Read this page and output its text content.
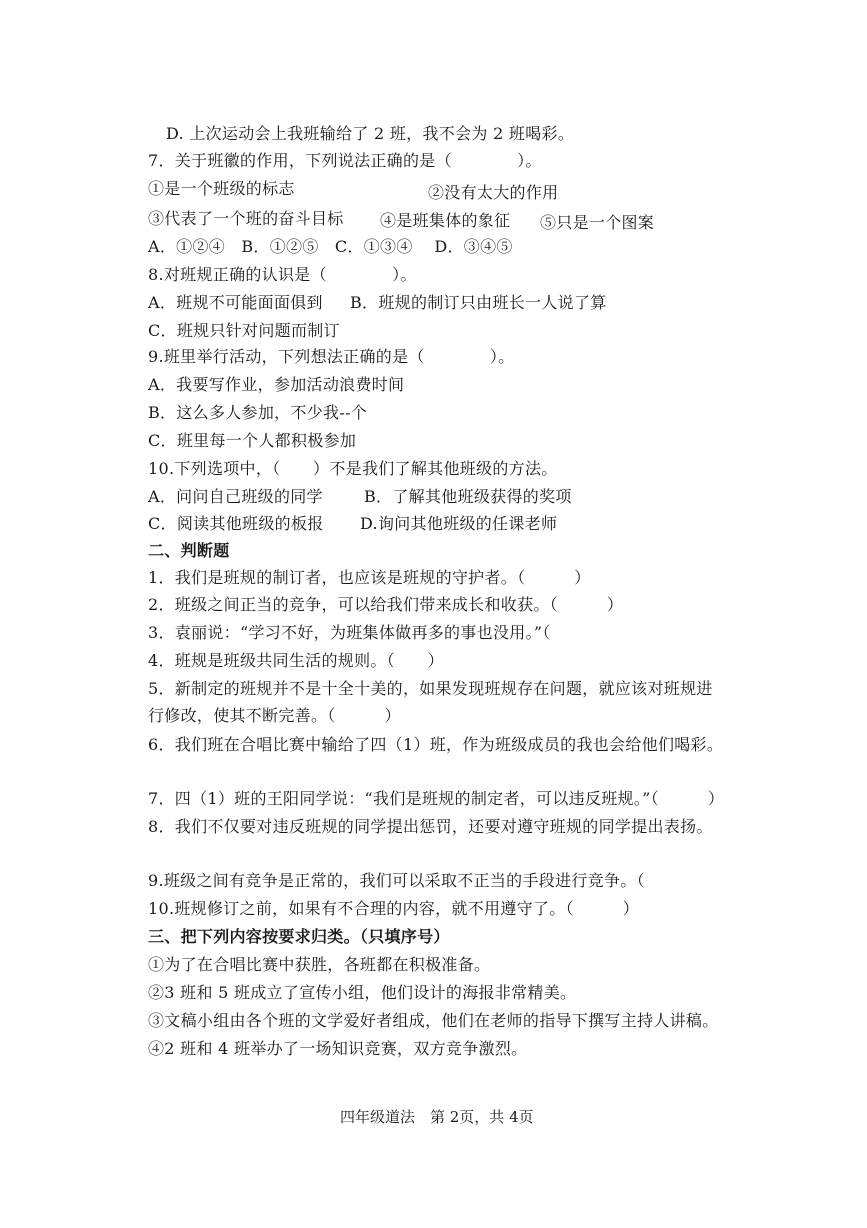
D. 上次运动会上我班输给了 2 班，我不会为 2 班喝彩。
7．关于班徽的作用，下列说法正确的是（　　　　）。
①是一个班级的标志	②没有太大的作用
③代表了一个班的奋斗目标 ④是班集体的象征 ⑤只是一个图案
A．①②④　B．①②⑤　C．①③④　 D．③④⑤
8.对班规正确的认识是（　　　　）。
A．班规不可能面面俱到 B．班规的制订只由班长一人说了算
C．班规只针对问题而制订
9.班里举行活动，下列想法正确的是（　　　　）。
A．我要写作业，参加活动浪费时间
B．这么多人参加，不少我--个
C．班里每一个人都积极参加
10.下列选项中，（　　）不是我们了解其他班级的方法。
A．问问自己班级的同学	B．了解其他班级获得的奖项
C．阅读其他班级的板报 D.询问其他班级的任课老师
二、判断题
1．我们是班规的制订者，也应该是班规的守护者。（　　　）
2．班级之间正当的竞争，可以给我们带来成长和收获。（　　　）
3．袁丽说：“学习不好，为班集体做再多的事也没用。”（
4．班规是班级共同生活的规则。（　　）
5．新制定的班规并不是十全十美的，如果发现班规存在问题，就应该对班规进
行修改，使其不断完善。（　　　）
6．我们班在合唱比赛中输给了四（1）班，作为班级成员的我也会给他们喝彩。
7．四（1）班的王阳同学说：“我们是班规的制定者，可以违反班规。”（　　　）
8．我们不仅要对违反班规的同学提出惩罚，还要对遵守班规的同学提出表扬。
9.班级之间有竞争是正常的，我们可以采取不正当的手段进行竞争。（
10.班规修订之前，如果有不合理的内容，就不用遵守了。（　　　）
三、把下列内容按要求归类。（只填序号）
①为了在合唱比赛中获胜，各班都在积极准备。
②3 班和 5 班成立了宣传小组，他们设计的海报非常精美。
③文稿小组由各个班的文学爱好者组成，他们在老师的指导下撰写主持人讲稿。
④2 班和 4 班举办了一场知识竞赛，双方竞争激烈。
四年级道法　第 2页，共 4页
